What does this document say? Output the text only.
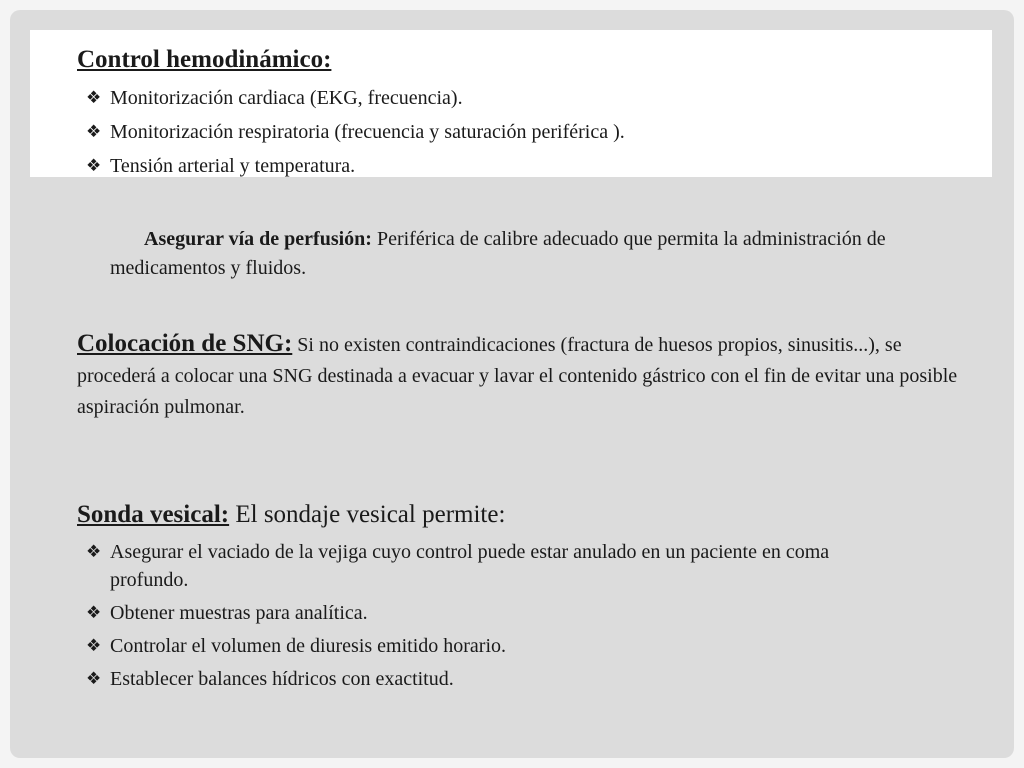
Control hemodinámico:
❖ Monitorización cardiaca (EKG, frecuencia).
❖ Monitorización respiratoria (frecuencia y saturación periférica ).
❖ Tensión arterial y temperatura.

Asegurar vía de perfusión: Periférica de calibre adecuado que permita la administración de medicamentos y fluidos.

Colocación de SNG: Si no existen contraindicaciones (fractura de huesos propios, sinusitis...), se procederá a colocar una SNG destinada a evacuar y lavar el contenido gástrico con el fin de evitar una posible aspiración pulmonar.

Sonda vesical: El sondaje vesical permite:
❖ Asegurar el vaciado de la vejiga cuyo control puede estar anulado en un paciente en coma profundo.
❖ Obtener muestras para analítica.
❖ Controlar el volumen de diuresis emitido horario.
❖ Establecer balances hídricos con exactitud.
